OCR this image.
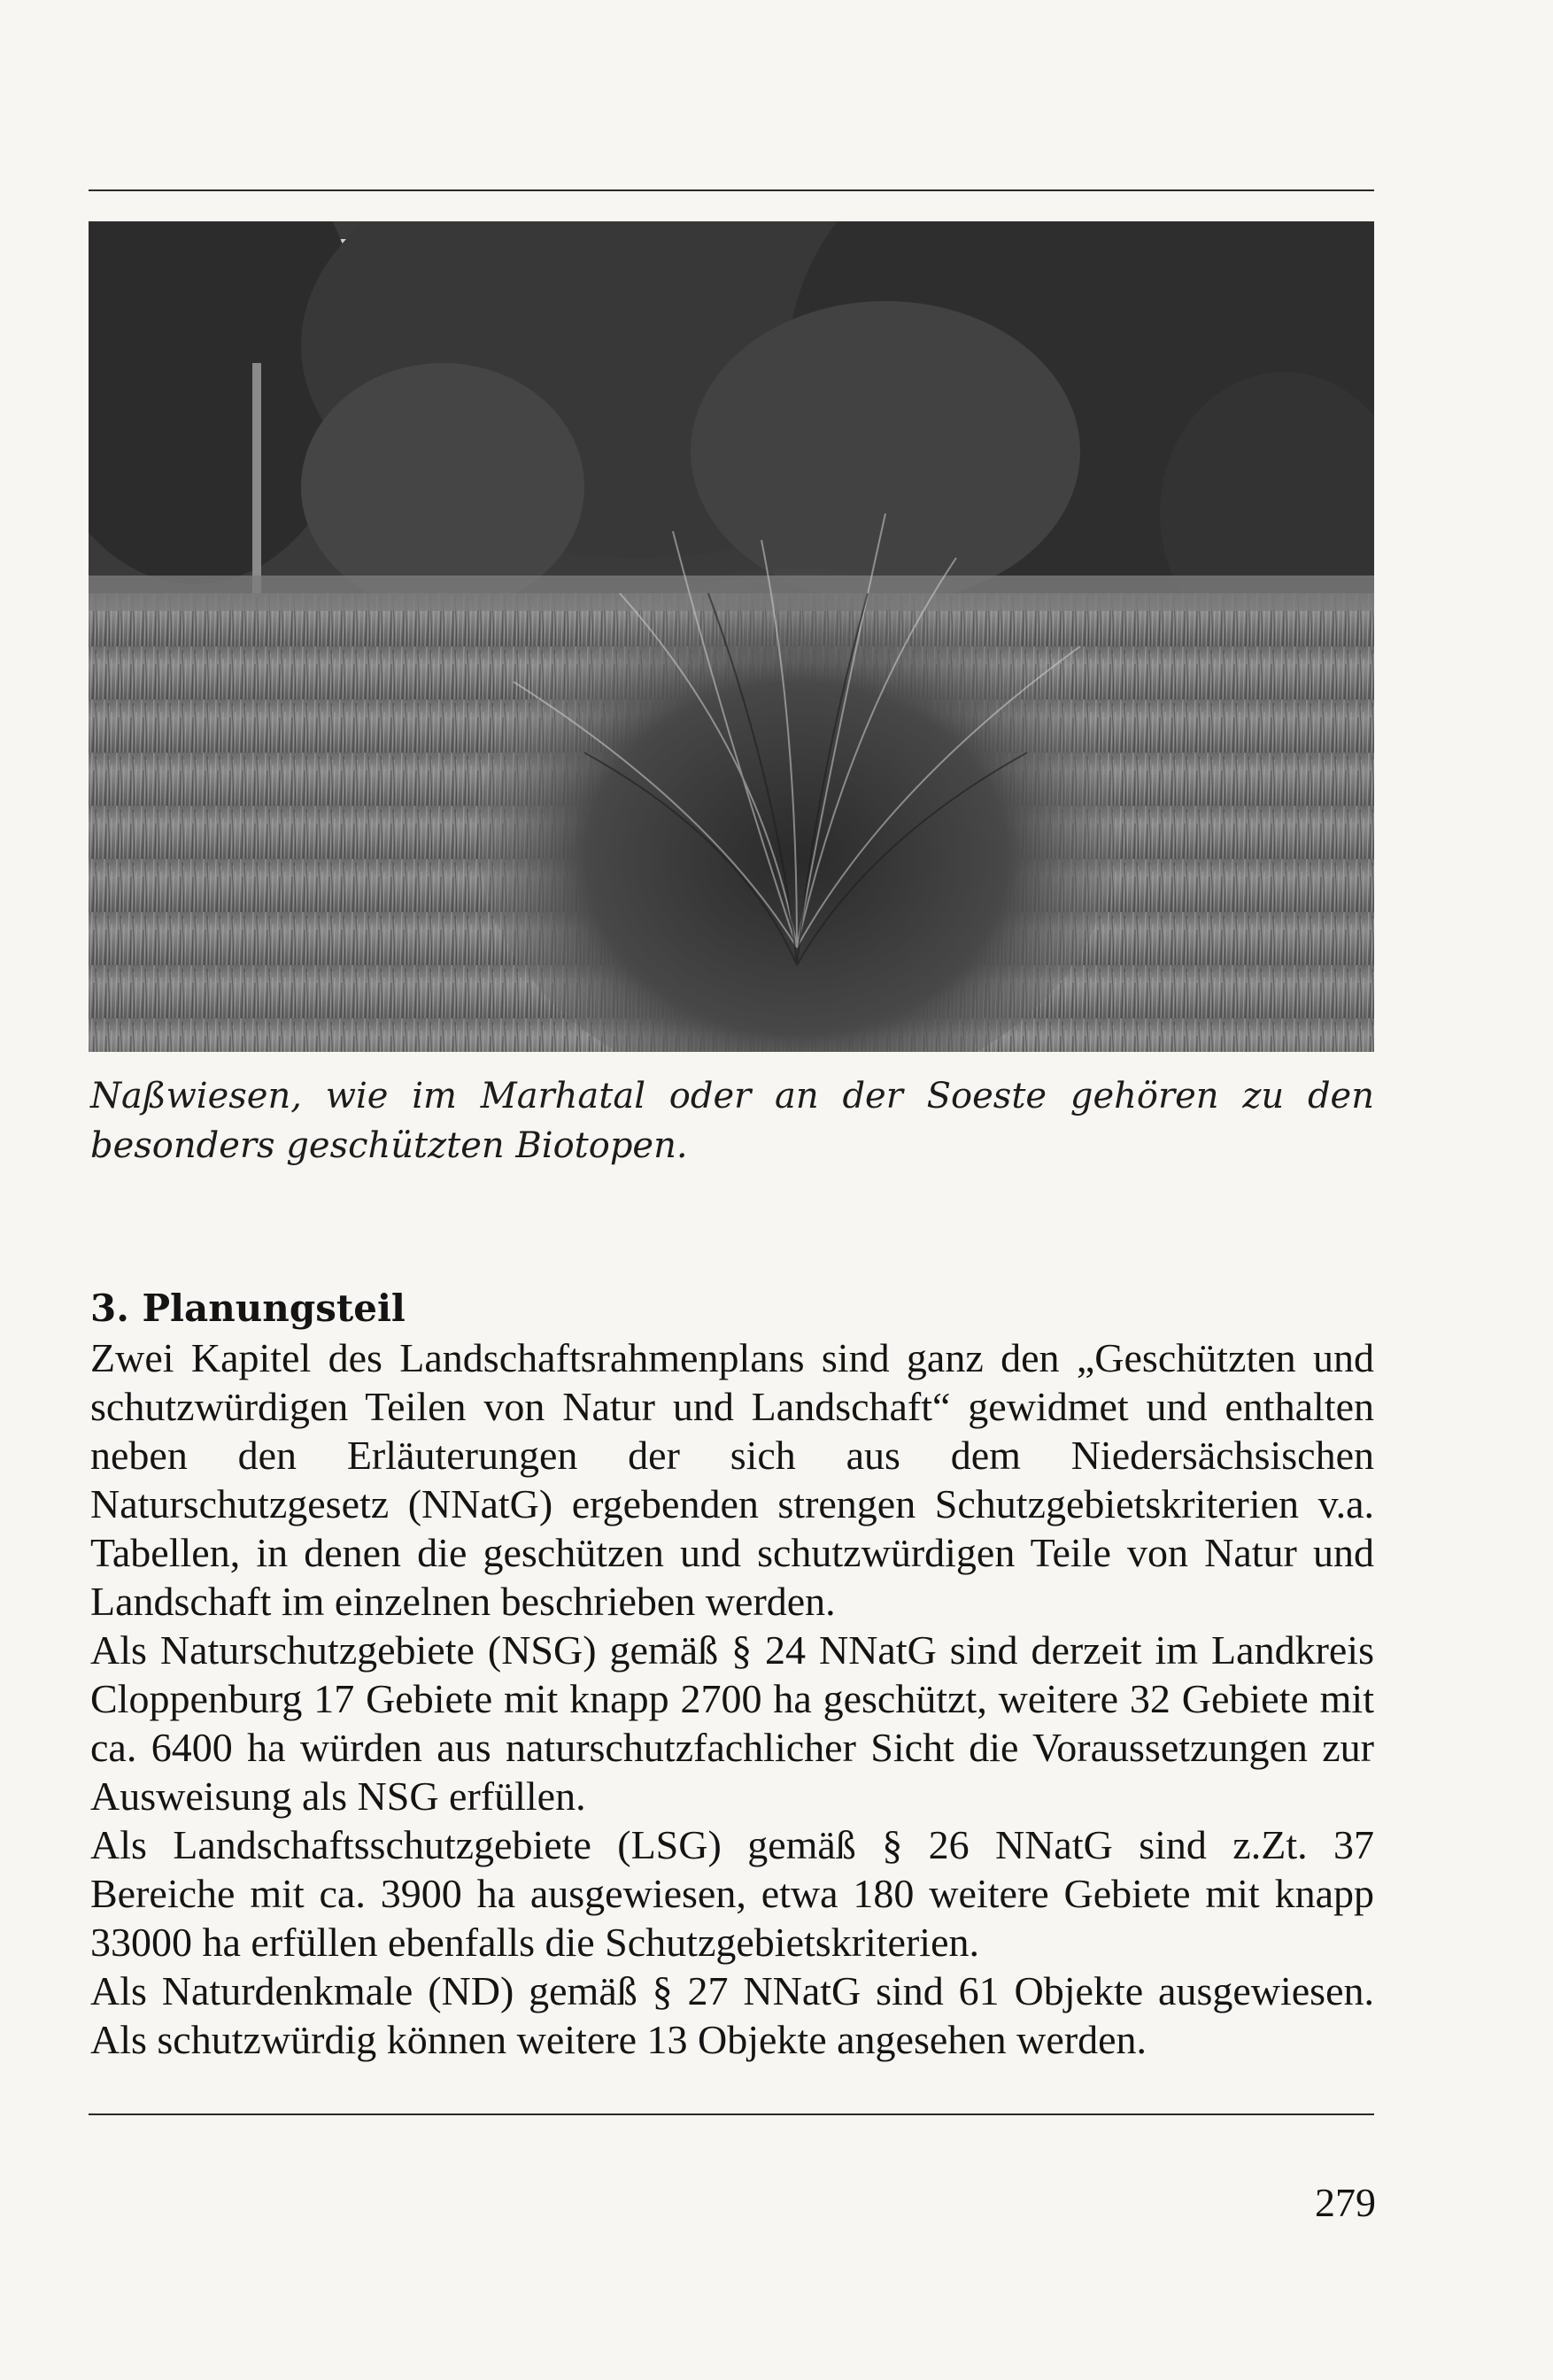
Naßwiesen, wie im Marhatal oder an der Soeste gehören zu den besonders geschützten Biotopen.

3. Planungsteil

Zwei Kapitel des Landschaftsrahmenplans sind ganz den „Geschützten und schutzwürdigen Teilen von Natur und Landschaft“ gewidmet und enthalten neben den Erläuterungen der sich aus dem Niedersächsischen Naturschutzgesetz (NNatG) ergebenden strengen Schutzgebietskriterien v.a. Tabellen, in denen die geschützen und schutzwürdigen Teile von Natur und Landschaft im einzelnen beschrieben werden.

Als Naturschutzgebiete (NSG) gemäß § 24 NNatG sind derzeit im Landkreis Cloppenburg 17 Gebiete mit knapp 2700 ha geschützt, weitere 32 Gebiete mit ca. 6400 ha würden aus naturschutzfachlicher Sicht die Voraussetzungen zur Ausweisung als NSG erfüllen.

Als Landschaftsschutzgebiete (LSG) gemäß § 26 NNatG sind z.Zt. 37 Bereiche mit ca. 3900 ha ausgewiesen, etwa 180 weitere Gebiete mit knapp 33000 ha erfüllen ebenfalls die Schutzgebietskriterien.

Als Naturdenkmale (ND) gemäß § 27 NNatG sind 61 Objekte ausgewiesen. Als schutzwürdig können weitere 13 Objekte angesehen werden.

279
